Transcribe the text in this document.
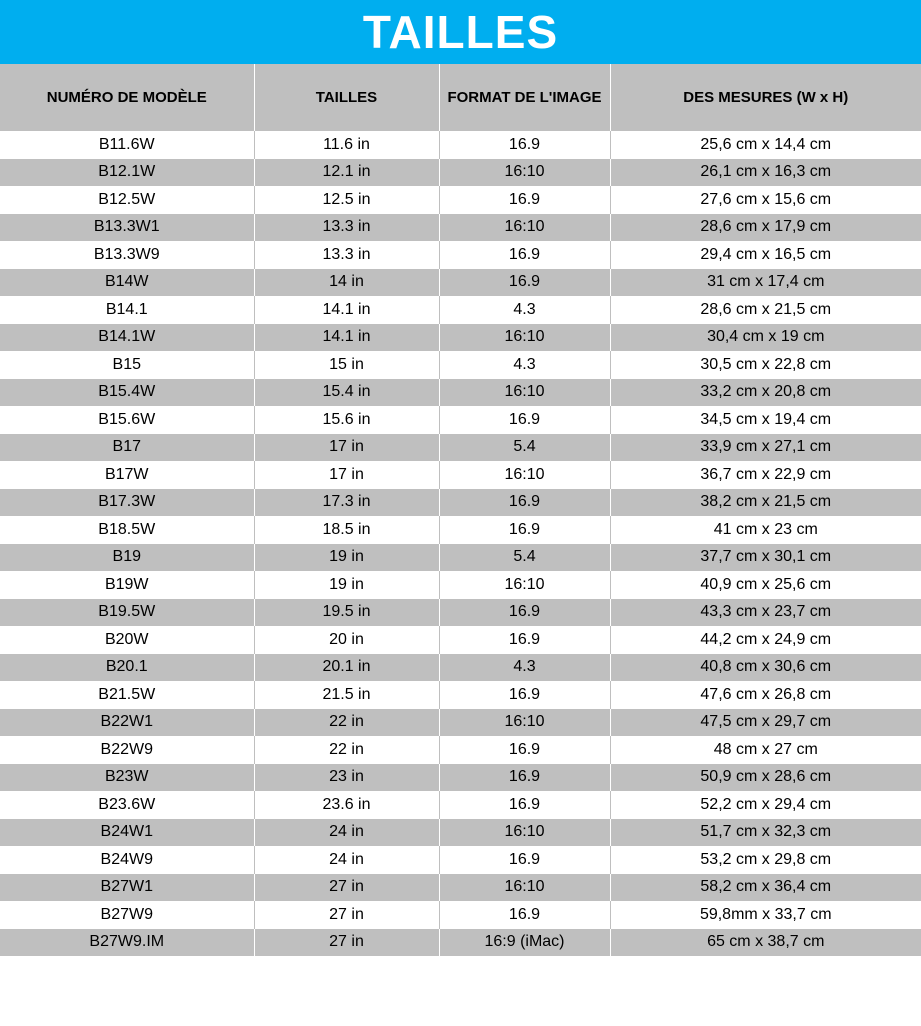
TAILLES
NUMÉRO DE MODÈLE	TAILLES	FORMAT DE L'IMAGE	DES MESURES (W x H)
B11.6W	11.6 in	16.9	25,6 cm x 14,4 cm
B12.1W	12.1 in	16:10	26,1 cm x 16,3 cm
B12.5W	12.5 in	16.9	27,6 cm x 15,6 cm
B13.3W1	13.3 in	16:10	28,6 cm x 17,9 cm
B13.3W9	13.3 in	16.9	29,4 cm x 16,5 cm
B14W	14 in	16.9	31 cm x 17,4 cm
B14.1	14.1 in	4.3	28,6 cm x 21,5 cm
B14.1W	14.1 in	16:10	30,4 cm x 19 cm
B15	15 in	4.3	30,5 cm x 22,8 cm
B15.4W	15.4 in	16:10	33,2 cm x 20,8 cm
B15.6W	15.6 in	16.9	34,5 cm x 19,4 cm
B17	17 in	5.4	33,9 cm x 27,1 cm
B17W	17 in	16:10	36,7 cm x 22,9 cm
B17.3W	17.3 in	16.9	38,2 cm x 21,5 cm
B18.5W	18.5 in	16.9	41 cm x 23 cm
B19	19 in	5.4	37,7 cm x 30,1 cm
B19W	19 in	16:10	40,9 cm x 25,6 cm
B19.5W	19.5 in	16.9	43,3 cm x 23,7 cm
B20W	20 in	16.9	44,2 cm x 24,9 cm
B20.1	20.1 in	4.3	40,8 cm x 30,6 cm
B21.5W	21.5 in	16.9	47,6 cm x 26,8 cm
B22W1	22 in	16:10	47,5 cm x 29,7 cm
B22W9	22 in	16.9	48 cm x 27 cm
B23W	23 in	16.9	50,9 cm x 28,6 cm
B23.6W	23.6 in	16.9	52,2 cm x 29,4 cm
B24W1	24 in	16:10	51,7 cm x 32,3 cm
B24W9	24 in	16.9	53,2 cm x 29,8 cm
B27W1	27 in	16:10	58,2 cm x 36,4 cm
B27W9	27 in	16.9	59,8mm x 33,7 cm
B27W9.IM	27 in	16:9 (iMac)	65 cm x 38,7 cm
